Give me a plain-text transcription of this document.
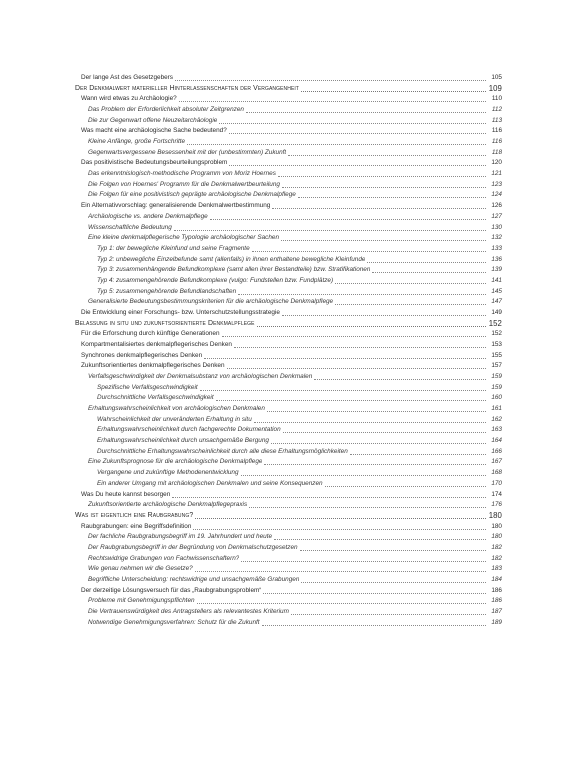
Der lange Ast des Gesetzgebers	105
Der Denkmalwert materieller Hinterlassenschaften der Vergangenheit	109
Wann wird etwas zu Archäologie?	110
Das Problem der Erforderlichkeit absoluter Zeitgrenzen	112
Die zur Gegenwart offene Neuzeitarchäologie	113
Was macht eine archäologische Sache bedeutend?	116
Kleine Anfänge, große Fortschritte	116
Gegenwartsvergessene Besessenheit mit der (unbestimmten) Zukunft	118
Das positivistische Bedeutungsbeurteilungsproblem	120
Das erkenntnislogisch-methodische Programm von Moriz Hoernes	121
Die Folgen von Hoernes' Programm für die Denkmalwertbeurteilung	123
Die Folgen für eine positivistisch geprägte archäologische Denkmalpflege	124
Ein Alternativvorschlag: generalisierende Denkmalwertbestimmung	126
Archäologische vs. andere Denkmalpflege	127
Wissenschaftliche Bedeutung	130
Eine kleine denkmalpflegerische Typologie archäologischer Sachen	132
Typ 1: der bewegliche Kleinfund und seine Fragmente	133
Typ 2: unbewegliche Einzelbefunde samt (allenfalls) in ihnen enthaltene bewegliche Kleinfunde	136
Typ 3: zusammenhängende Befundkomplexe (samt allen ihrer Bestandteile) bzw. Stratifikationen	139
Typ 4: zusammengehörende Befundkomplexe (vulgo: Fundstellen bzw. Fundplätze)	141
Typ 5: zusammengehörende Befundlandschaften	145
Generalisierte Bedeutungsbestimmungskriterien für die archäologische Denkmalpflege	147
Die Entwicklung einer Forschungs- bzw. Unterschutzstellungsstrategie	149
Belassung in situ und zukunftsorientierte Denkmalpflege	152
Für die Erforschung durch künftige Generationen	152
Kompartmentalisiertes denkmalpflegerisches Denken	153
Synchrones denkmalpflegerisches Denken	155
Zukunftsorientiertes denkmalpflegerisches Denken	157
Verfallsgeschwindigkeit der Denkmalsubstanz von archäologischen Denkmalen	159
Spezifische Verfallsgeschwindigkeit	159
Durchschnittliche Verfallsgeschwindigkeit	160
Erhaltungswahrscheinlichkeit von archäologischen Denkmalen	161
Wahrscheinlichkeit der unveränderten Erhaltung in situ	162
Erhaltungswahrscheinlichkeit durch fachgerechte Dokumentation	163
Erhaltungswahrscheinlichkeit durch unsachgemäße Bergung	164
Durchschnittliche Erhaltungswahrscheinlichkeit durch alle diese Erhaltungsmöglichkeiten	166
Eine Zukunftsprognose für die archäologische Denkmalpflege	167
Vergangene und zukünftige Methodenentwicklung	168
Ein anderer Umgang mit archäologischen Denkmalen und seine Konsequenzen	170
Was Du heute kannst besorgen	174
Zukunftsorientierte archäologische Denkmalpflegepraxis	176
Was ist eigentlich eine Raubgrabung?	180
Raubgrabungen: eine Begriffsdefinition	180
Der fachliche Raubgrabungsbegriff im 19. Jahrhundert und heute	180
Der Raubgrabungsbegriff in der Begründung von Denkmalschutzgesetzen	182
Rechtswidrige Grabungen von Fachwissenschaftern?	182
Wie genau nehmen wir die Gesetze?	183
Begriffliche Unterscheidung: rechtswidrige und unsachgemäße Grabungen	184
Der derzeitige Lösungsversuch für das „Raubgrabungsproblem“	186
Probleme mit Genehmigungspflichten	186
Die Vertrauenswürdigkeit des Antragstellers als relevantestes Kriterium	187
Notwendige Genehmigungsverfahren: Schutz für die Zukunft	189
